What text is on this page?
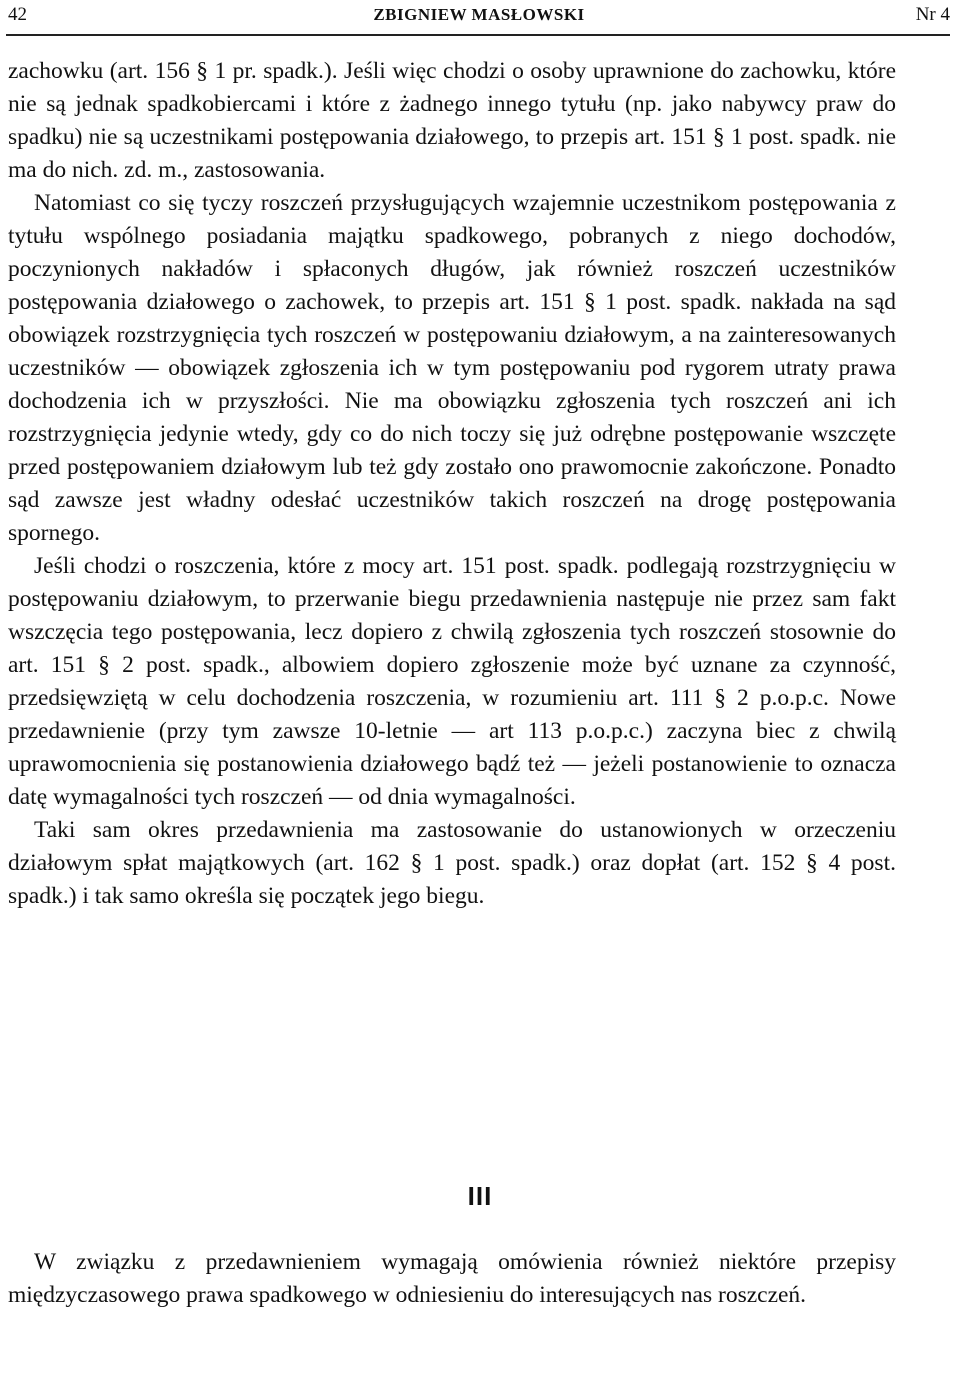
42	ZBIGNIEW MASŁOWSKI	Nr 4

zachowku (art. 156 § 1 pr. spadk.). Jeśli więc chodzi o osoby uprawnione do zachowku, które nie są jednak spadkobiercami i które z żadnego innego tytułu (np. jako nabywcy praw do spadku) nie są uczestnikami postępowania działowego, to przepis art. 151 § 1 post. spadk. nie ma do nich. zd. m., zastosowania.

Natomiast co się tyczy roszczeń przysługujących wzajemnie uczestnikom postępowania z tytułu wspólnego posiadania majątku spadkowego, pobranych z niego dochodów, poczynionych nakładów i spłaconych długów, jak również roszczeń uczestników postępowania działowego o zachowek, to przepis art. 151 § 1 post. spadk. nakłada na sąd obowiązek rozstrzygnięcia tych roszczeń w postępowaniu działowym, a na zainteresowanych uczestników — obowiązek zgłoszenia ich w tym postępowaniu pod rygorem utraty prawa dochodzenia ich w przyszłości. Nie ma obowiązku zgłoszenia tych roszczeń ani ich rozstrzygnięcia jedynie wtedy, gdy co do nich toczy się już odrębne postępowanie wszczęte przed postępowaniem działowym lub też gdy zostało ono prawomocnie zakończone. Ponadto sąd zawsze jest władny odesłać uczestników takich roszczeń na drogę postępowania spornego.

Jeśli chodzi o roszczenia, które z mocy art. 151 post. spadk. podlegają rozstrzygnięciu w postępowaniu działowym, to przerwanie biegu przedawnienia następuje nie przez sam fakt wszczęcia tego postępowania, lecz dopiero z chwilą zgłoszenia tych roszczeń stosownie do art. 151 § 2 post. spadk., albowiem dopiero zgłoszenie może być uznane za czynność, przedsięwziętą w celu dochodzenia roszczenia, w rozumieniu art. 111 § 2 p.o.p.c. Nowe przedawnienie (przy tym zawsze 10-letnie — art 113 p.o.p.c.) zaczyna biec z chwilą uprawomocnienia się postanowienia działowego bądź też — jeżeli postanowienie to oznacza datę wymagalności tych roszczeń — od dnia wymagalności.

Taki sam okres przedawnienia ma zastosowanie do ustanowionych w orzeczeniu działowym spłat majątkowych (art. 162 § 1 post. spadk.) oraz dopłat (art. 152 § 4 post. spadk.) i tak samo określa się początek jego biegu.

III

W związku z przedawnieniem wymagają omówienia również niektóre przepisy międzyczasowego prawa spadkowego w odniesieniu do interesujących nas roszczeń.
